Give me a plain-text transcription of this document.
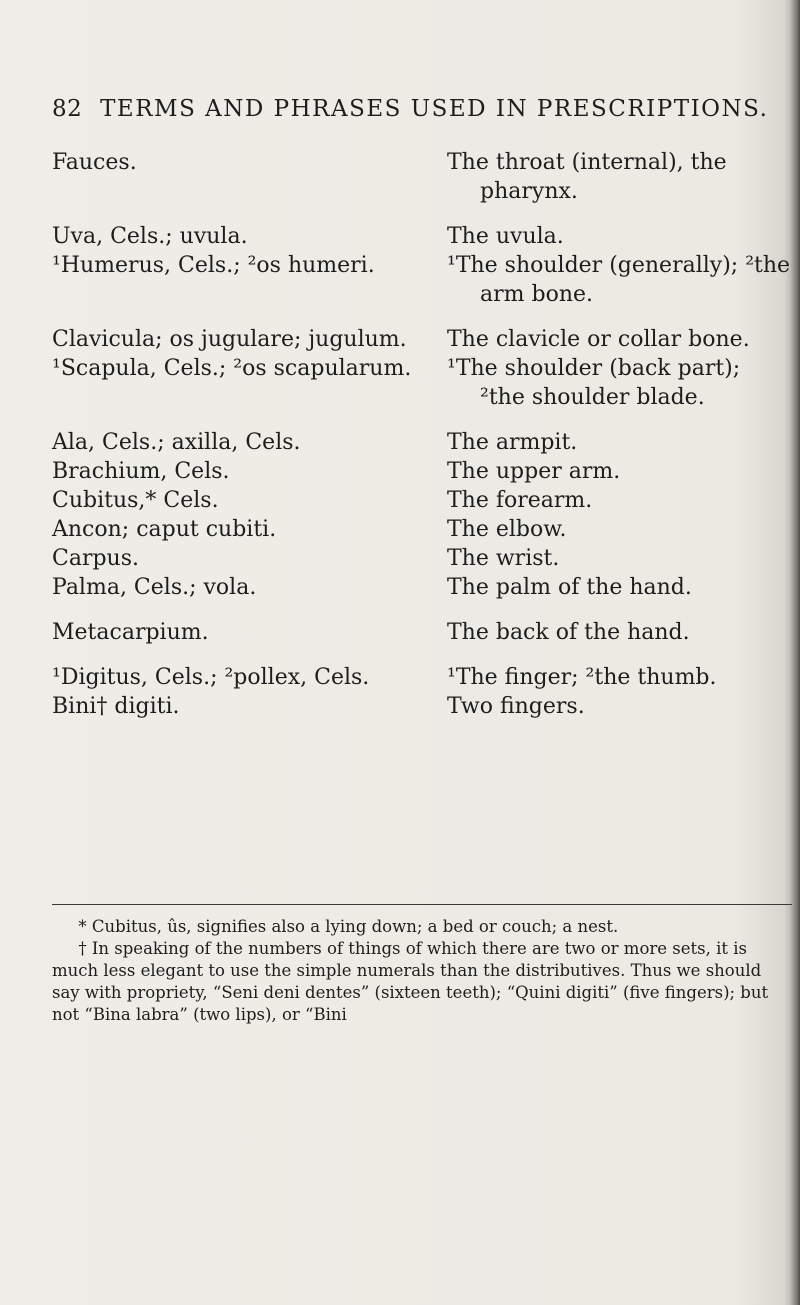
82 TERMS AND PHRASES USED IN PRESCRIPTIONS.
Fauces.	The throat (internal), the pharynx.
Uva, Cels.; uvula.	The uvula.
¹Humerus, Cels.; ²os humeri.	¹The shoulder (generally); ²the arm bone.
Clavicula; os jugulare; jugulum.	The clavicle or collar bone.
¹Scapula, Cels.; ²os scapularum.	¹The shoulder (back part); ²the shoulder blade.
Ala, Cels.; axilla, Cels.	The armpit.
Brachium, Cels.	The upper arm.
Cubitus,* Cels.	The forearm.
Ancon; caput cubiti.	The elbow.
Carpus.	The wrist.
Palma, Cels.; vola.	The palm of the hand.
Metacarpium.	The back of the hand.
¹Digitus, Cels.; ²pollex, Cels.	¹The finger; ²the thumb.
Bini† digiti.	Two fingers.

* Cubitus, ûs, signifies also a lying down; a bed or couch; a nest.

† In speaking of the numbers of things of which there are two or more sets, it is much less elegant to use the simple numerals than the distributives. Thus we should say with propriety, “Seni deni dentes” (sixteen teeth); “Quini digiti” (five fingers); but not “Bina labra” (two lips), or “Bini
